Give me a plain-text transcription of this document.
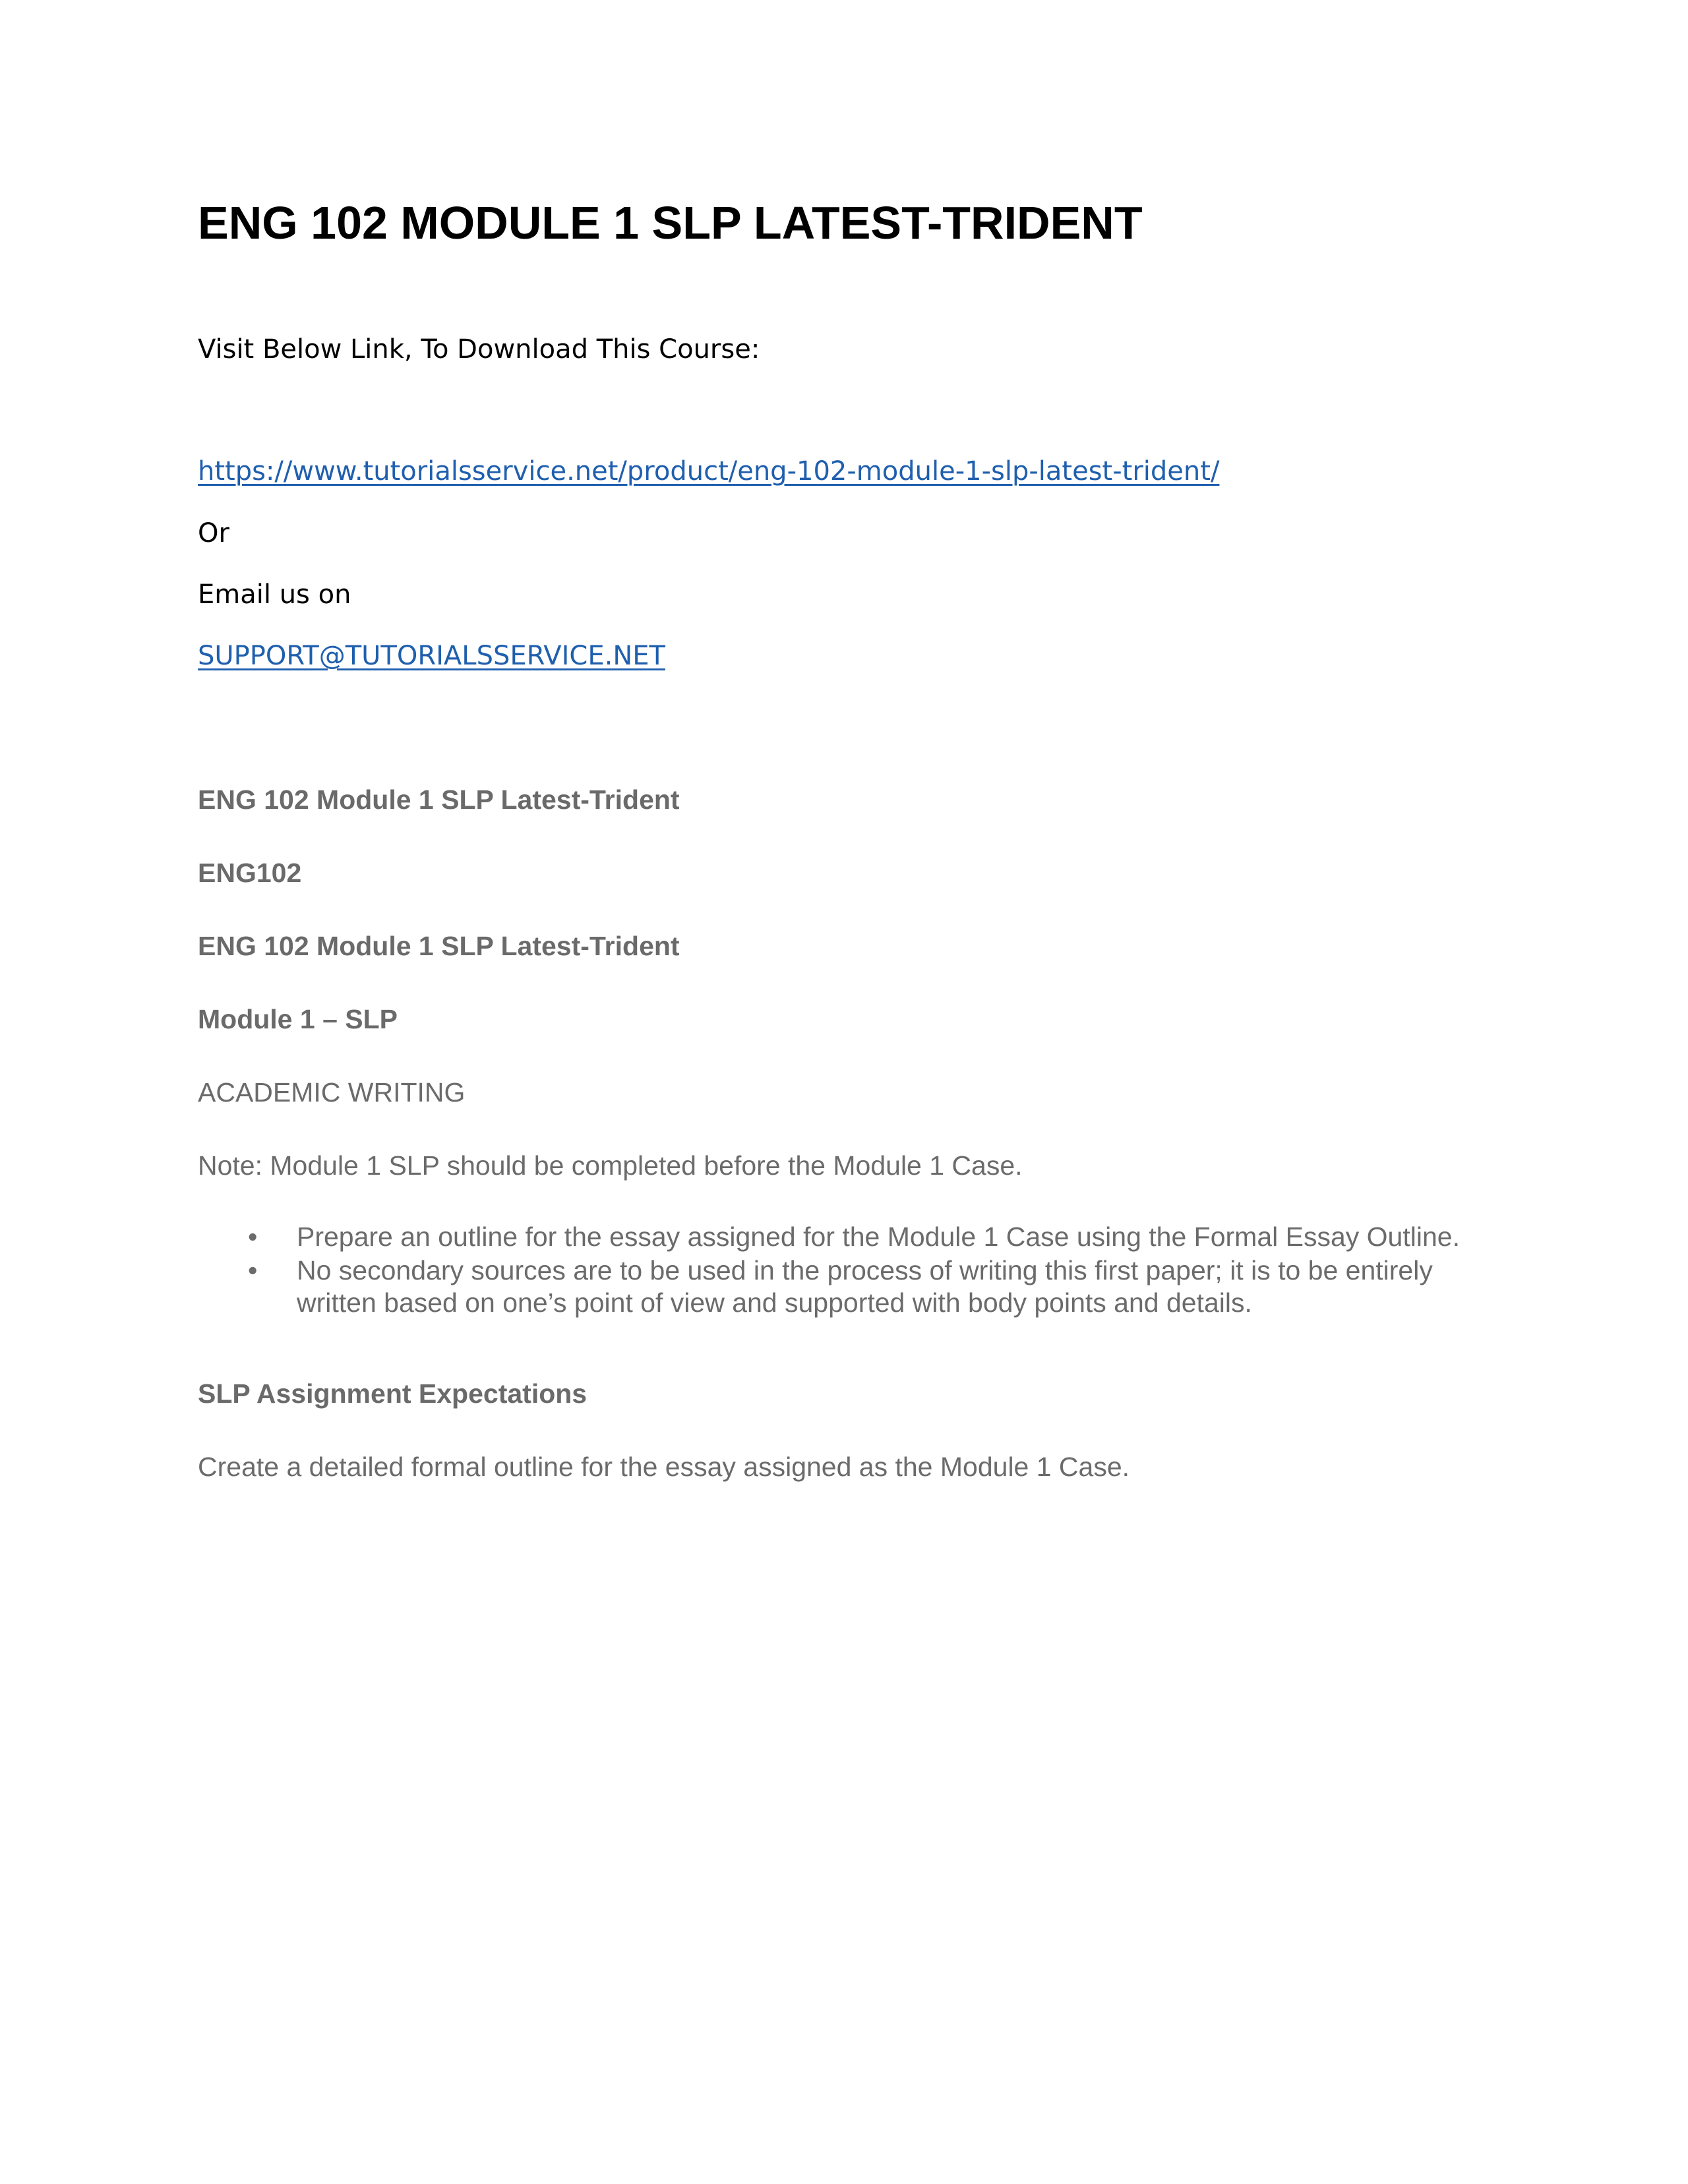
ENG 102 MODULE 1 SLP LATEST-TRIDENT

Visit Below Link, To Download This Course:

https://www.tutorialsservice.net/product/eng-102-module-1-slp-latest-trident/

Or

Email us on

SUPPORT@TUTORIALSSERVICE.NET

ENG 102 Module 1 SLP Latest-Trident

ENG102

ENG 102 Module 1 SLP Latest-Trident

Module 1 – SLP

ACADEMIC WRITING

Note: Module 1 SLP should be completed before the Module 1 Case.

• Prepare an outline for the essay assigned for the Module 1 Case using the Formal Essay Outline.
• No secondary sources are to be used in the process of writing this first paper; it is to be entirely written based on one’s point of view and supported with body points and details.

SLP Assignment Expectations

Create a detailed formal outline for the essay assigned as the Module 1 Case.
